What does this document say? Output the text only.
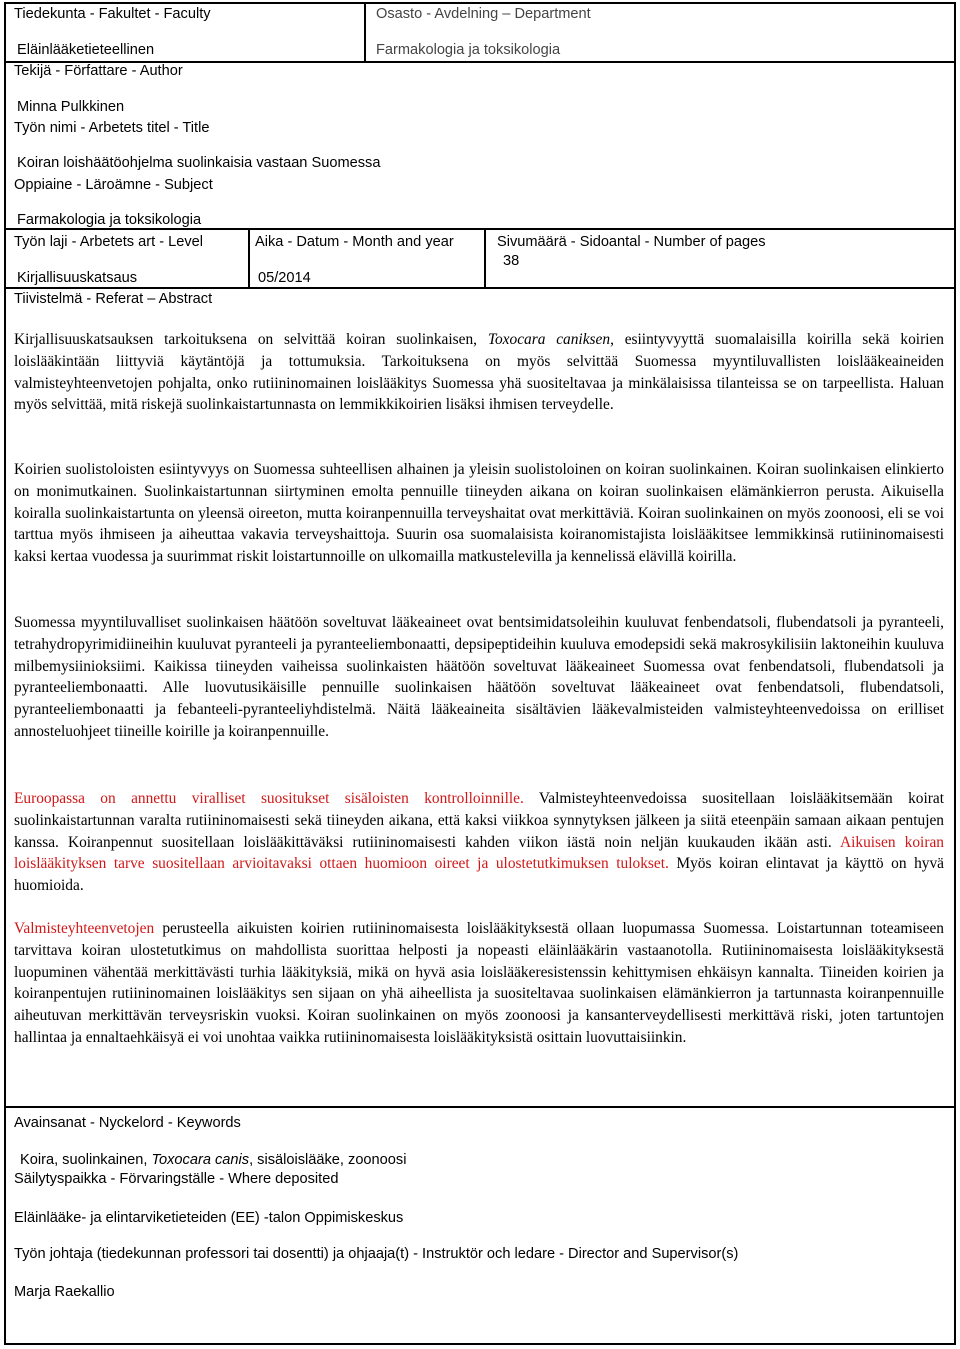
Tiedekunta - Fakultet - Faculty
Eläinlääketieteellinen
Osasto - Avdelning – Department
Farmakologia ja toksikologia
Tekijä - Författare - Author
Minna Pulkkinen
Työn nimi - Arbetets titel - Title
Koiran loishäätöohjelma suolinkaisia vastaan Suomessa
Oppiaine - Läroämne - Subject
Farmakologia ja toksikologia
Työn laji - Arbetets art - Level
Kirjallisuuskatsaus
Aika - Datum - Month and year
05/2014
Sivumäärä - Sidoantal - Number of pages
38
Tiivistelmä - Referat – Abstract

Kirjallisuuskatsauksen tarkoituksena on selvittää koiran suolinkaisen, Toxocara caniksen, esiintyvyyttä suomalaisilla koirilla sekä koirien loislääkintään liittyviä käytäntöjä ja tottumuksia. Tarkoituksena on myös selvittää Suomessa myyntiluvallisten loislääkeaineiden valmisteyhteenvetojen pohjalta, onko rutiininomainen loislääkitys Suomessa yhä suositeltavaa ja minkälaisissa tilanteissa se on tarpeellista. Haluan myös selvittää, mitä riskejä suolinkaistartunnasta on lemmikkikoirien lisäksi ihmisen terveydelle.

Koirien suolistoloisten esiintyvyys on Suomessa suhteellisen alhainen ja yleisin suolistoloinen on koiran suolinkainen. Koiran suolinkaisen elinkierto on monimutkainen. Suolinkaistartunnan siirtyminen emolta pennuille tiineyden aikana on koiran suolinkaisen elämänkierron perusta. Aikuisella koiralla suolinkaistartunta on yleensä oireeton, mutta koiranpennuilla terveyshaitat ovat merkittäviä. Koiran suolinkainen on myös zoonoosi, eli se voi tarttua myös ihmiseen ja aiheuttaa vakavia terveyshaittoja. Suurin osa suomalaisista koiranomistajista loislääkitsee lemmikkinsä rutiininomaisesti kaksi kertaa vuodessa ja suurimmat riskit loistartunnoille on ulkomailla matkustelevilla ja kennelissä elävillä koirilla.

Suomessa myyntiluvalliset suolinkaisen häätöön soveltuvat lääkeaineet ovat bentsimidatsoleihin kuuluvat fenbendatsoli, flubendatsoli ja pyranteeli, tetrahydropyrimidiineihin kuuluvat pyranteeli ja pyranteeliembonaatti, depsipeptideihin kuuluva emodepsidi sekä makrosykilisiin laktoneihin kuuluva milbemysiinioksiimi. Kaikissa tiineyden vaiheissa suolinkaisten häätöön soveltuvat lääkeaineet Suomessa ovat fenbendatsoli, flubendatsoli ja pyranteeliembonaatti. Alle luovutusikäisille pennuille suolinkaisen häätöön soveltuvat lääkeaineet ovat fenbendatsoli, flubendatsoli, pyranteeliembonaatti ja febanteeli-pyranteeliyhdistelmä. Näitä lääkeaineita sisältävien lääkevalmisteiden valmisteyhteenvedoissa on erilliset annosteluohjeet tiineille koirille ja koiranpennuille.

Euroopassa on annettu viralliset suositukset sisäloisten kontrolloinnille. Valmisteyhteenvedoissa suositellaan loislääkitsemään koirat suolinkaistartunnan varalta rutiininomaisesti sekä tiineyden aikana, että kaksi viikkoa synnytyksen jälkeen ja siitä eteenpäin samaan aikaan pentujen kanssa. Koiranpennut suositellaan loislääkittäväksi rutiininomaisesti kahden viikon iästä noin neljän kuukauden ikään asti. Aikuisen koiran loislääkityksen tarve suositellaan arvioitavaksi ottaen huomioon oireet ja ulostetutkimuksen tulokset. Myös koiran elintavat ja käyttö on hyvä huomioida.

Valmisteyhteenvetojen perusteella aikuisten koirien rutiininomaisesta loislääkityksestä ollaan luopumassa Suomessa. Loistartunnan toteamiseen tarvittava koiran ulostetutkimus on mahdollista suorittaa helposti ja nopeasti eläinlääkärin vastaanotolla. Rutiininomaisesta loislääkityksestä luopuminen vähentää merkittävästi turhia lääkityksiä, mikä on hyvä asia loislääkeresistenssin kehittymisen ehkäisyn kannalta. Tiineiden koirien ja koiranpentujen rutiininomainen loislääkitys sen sijaan on yhä aiheellista ja suositeltavaa suolinkaisen elämänkierron ja tartunnasta koiranpennuille aiheutuvan merkittävän terveysriskin vuoksi. Koiran suolinkainen on myös zoonoosi ja kansanterveydellisesti merkittävä riski, joten tartuntojen hallintaa ja ennaltaehkäisyä ei voi unohtaa vaikka rutiininomaisesta loislääkityksistä osittain luovuttaisiinkin.

Avainsanat - Nyckelord - Keywords
Koira, suolinkainen, Toxocara canis, sisäloislääke, zoonoosi
Säilytyspaikka - Förvaringställe - Where deposited
Eläinlääke- ja elintarviketieteiden (EE) -talon Oppimiskeskus
Työn johtaja (tiedekunnan professori tai dosentti) ja ohjaaja(t) - Instruktör och ledare - Director and Supervisor(s)
Marja Raekallio
